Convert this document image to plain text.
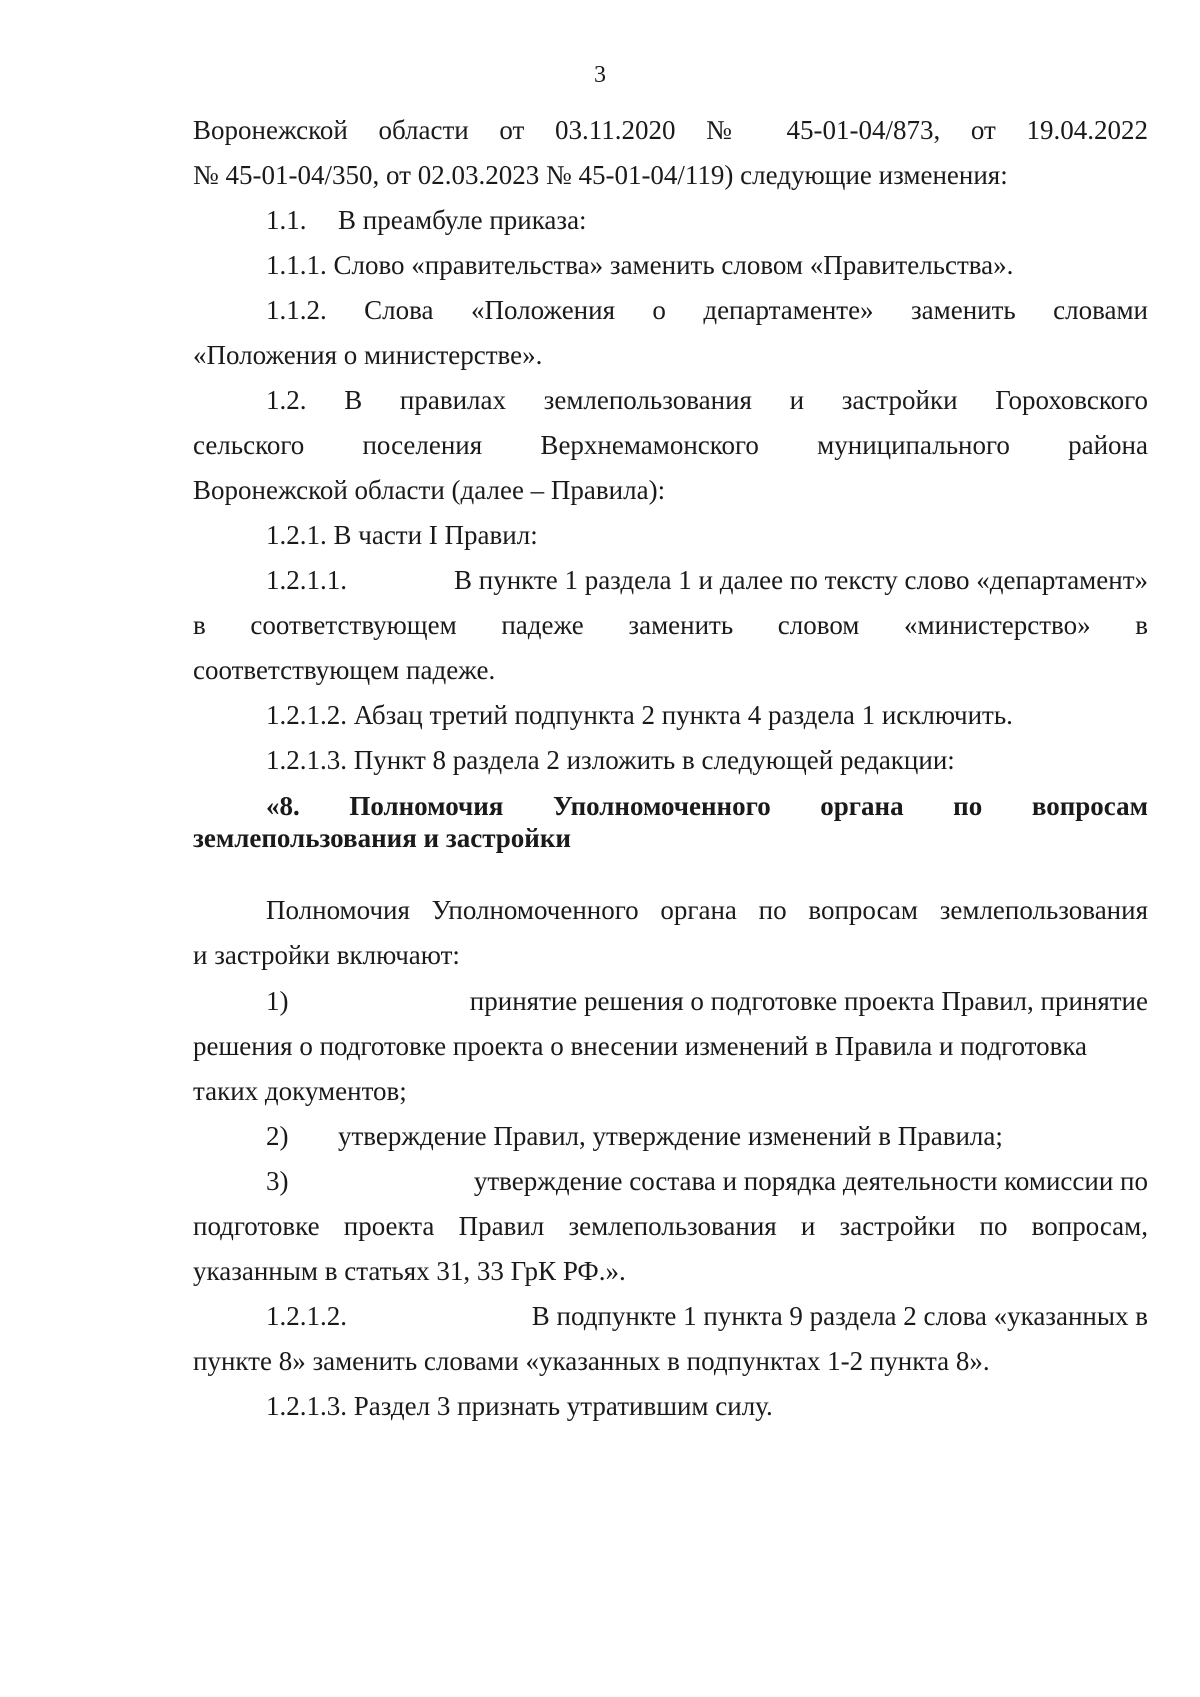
3
Воронежской области от 03.11.2020 № 45-01-04/873, от 19.04.2022
№ 45-01-04/350, от 02.03.2023 № 45-01-04/119) следующие изменения:
1.1. В преамбуле приказа:
1.1.1. Слово «правительства» заменить словом «Правительства».
1.1.2. Слова «Положения о департаменте» заменить словами
«Положения о министерстве».
1.2. В правилах землепользования и застройки Гороховского
сельского поселения Верхнемамонского муниципального района
Воронежской области (далее – Правила):
1.2.1. В части I Правил:
1.2.1.1.	В пункте 1 раздела 1 и далее по тексту слово «департамент»
в соответствующем падеже заменить словом «министерство» в
соответствующем падеже.
1.2.1.2. Абзац третий подпункта 2 пункта 4 раздела 1 исключить.
1.2.1.3. Пункт 8 раздела 2 изложить в следующей редакции:
«8. Полномочия Уполномоченного органа по вопросам
землепользования и застройки
Полномочия Уполномоченного органа по вопросам землепользования
и застройки включают:
1)	принятие решения о подготовке проекта Правил, принятие
решения о подготовке проекта о внесении изменений в Правила и подготовка
таких документов;
2) утверждение Правил, утверждение изменений в Правила;
3)	утверждение состава и порядка деятельности комиссии по
подготовке проекта Правил землепользования и застройки по вопросам,
указанным в статьях 31, 33 ГрК РФ.».
1.2.1.2.	В подпункте 1 пункта 9 раздела 2 слова «указанных в
пункте 8» заменить словами «указанных в подпунктах 1-2 пункта 8».
1.2.1.3. Раздел 3 признать утратившим силу.
